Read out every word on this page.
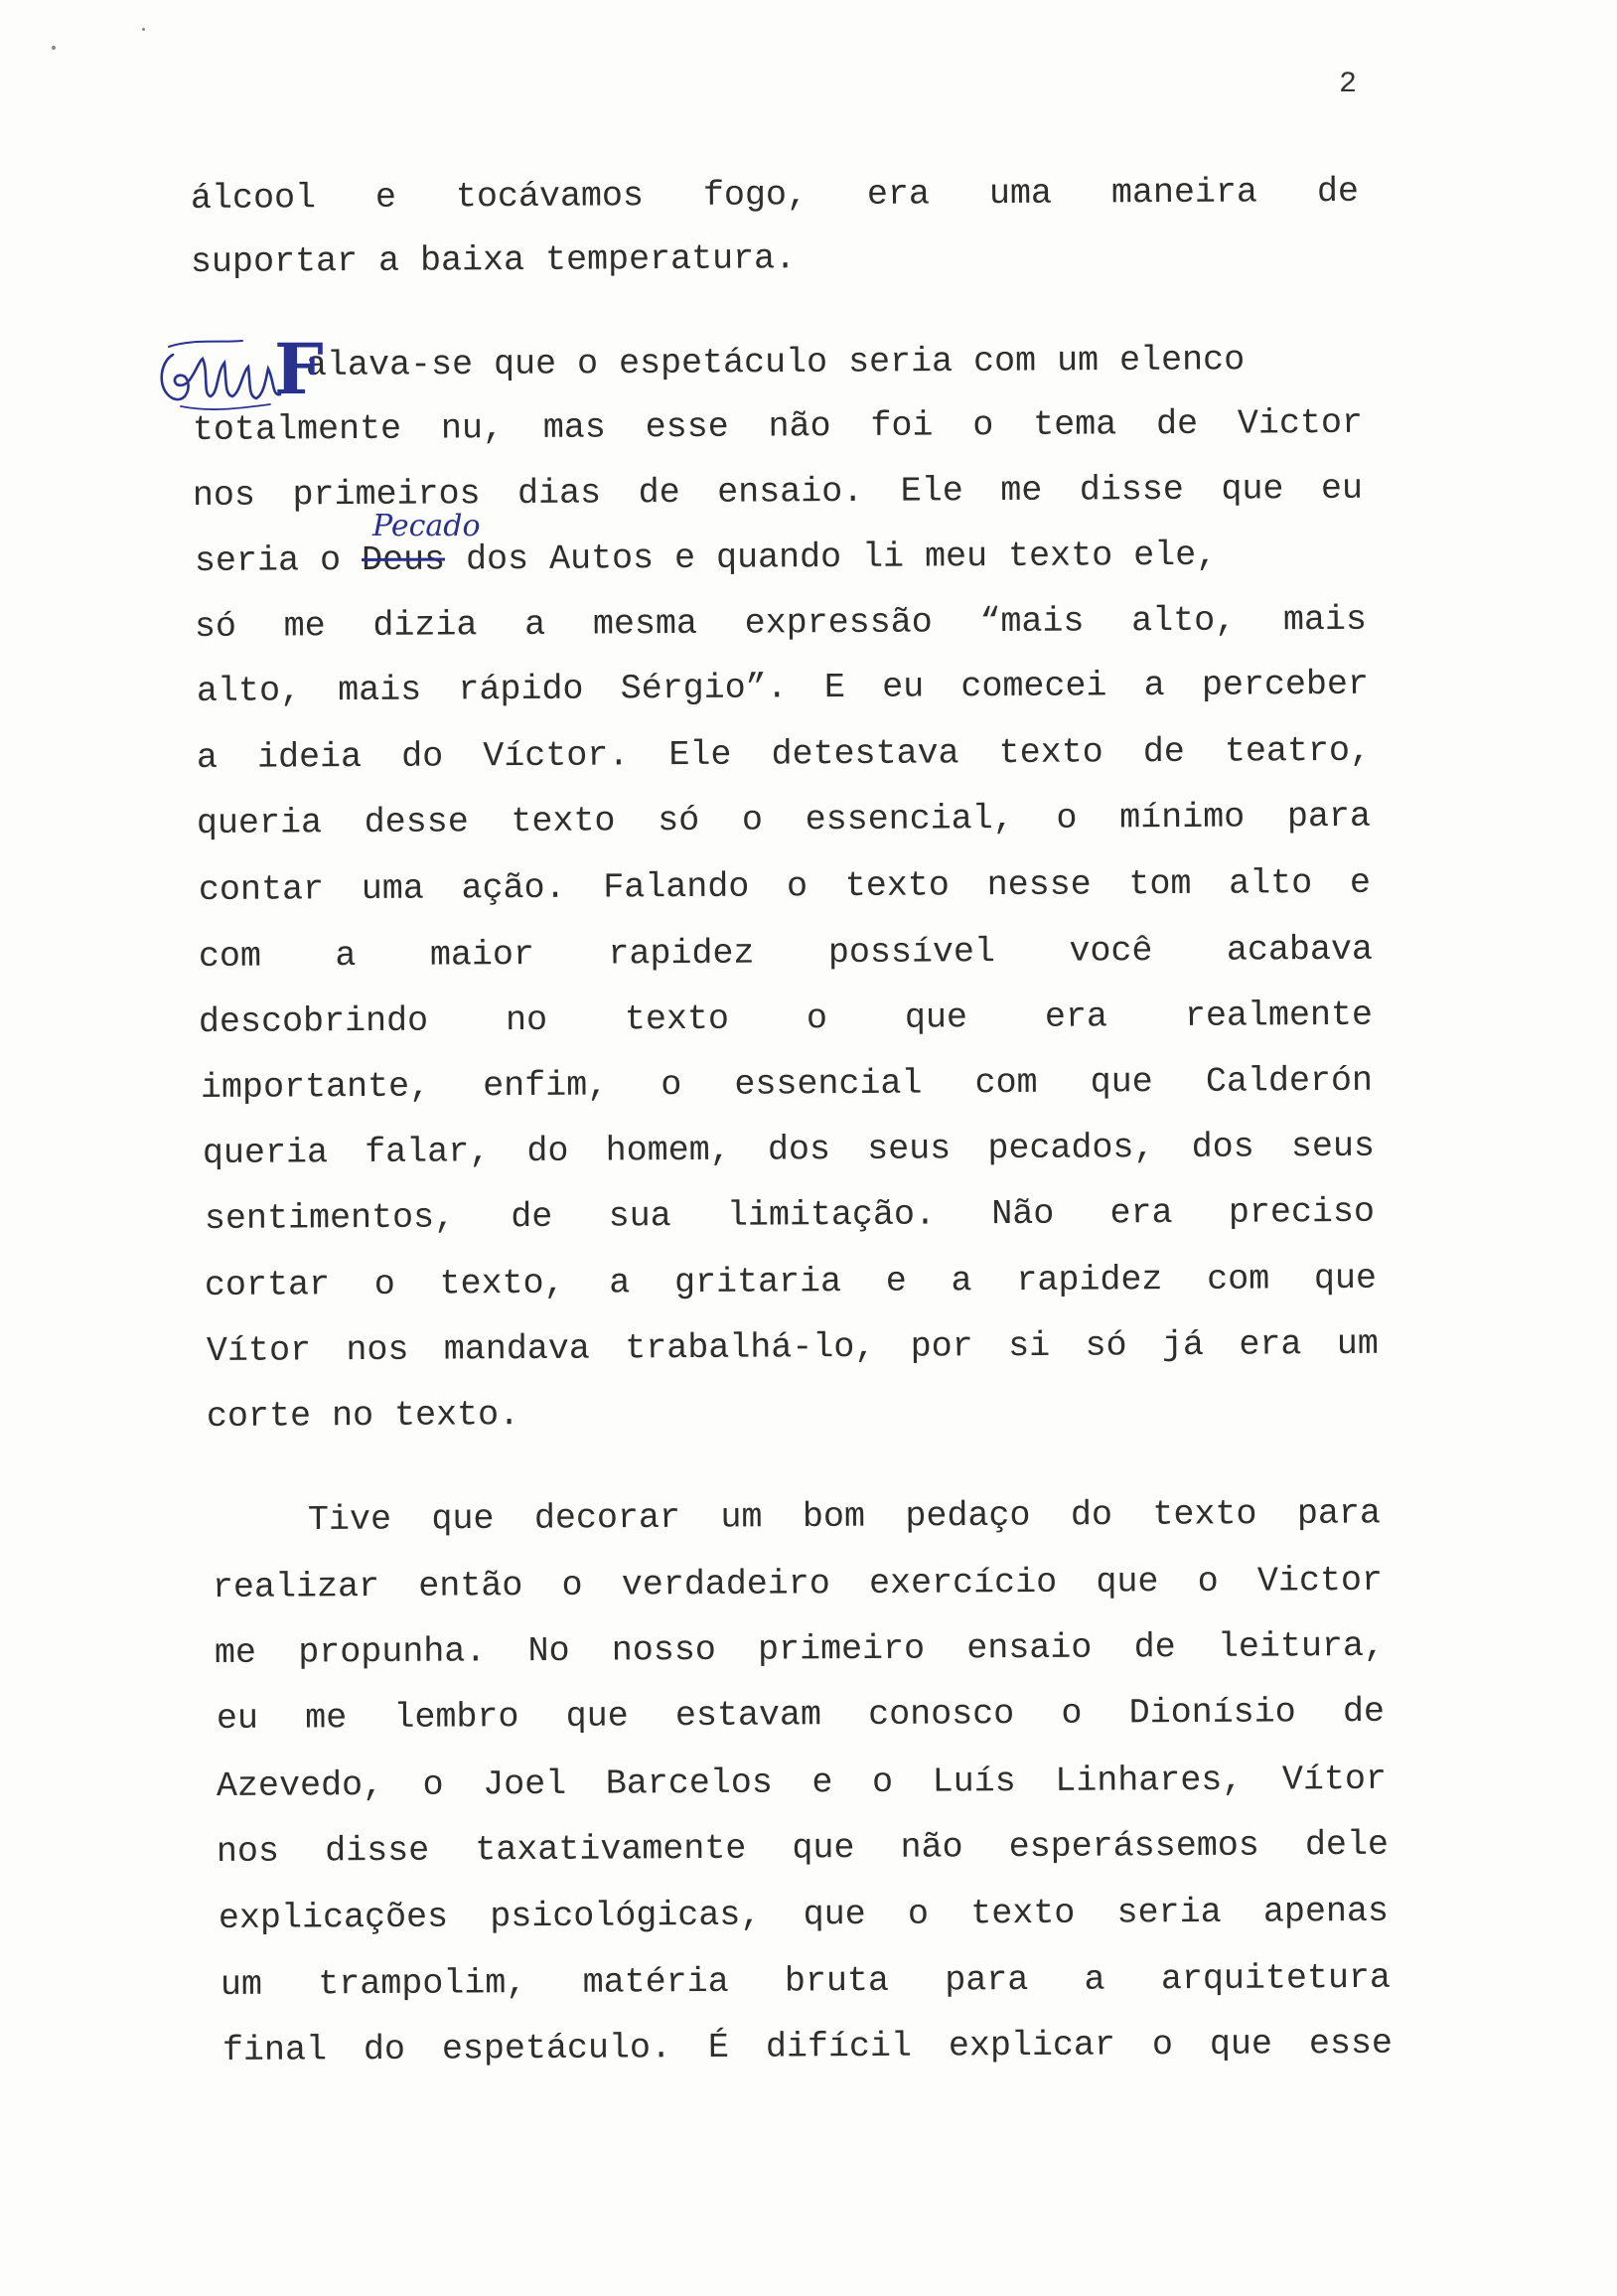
2
álcool e tocávamos fogo, era uma maneira de
suportar a baixa temperatura.
alava-se que o espetáculo seria com um elenco
totalmente nu, mas esse não foi o tema de Victor
nos primeiros dias de ensaio. Ele me disse que eu
seria o Deus dos Autos e quando li meu texto ele,
só me dizia a mesma expressão “mais alto, mais
alto, mais rápido Sérgio”. E eu comecei a perceber
a ideia do Víctor. Ele detestava texto de teatro,
queria desse texto só o essencial, o mínimo para
contar uma ação. Falando o texto nesse tom alto e
com a maior rapidez possível você acabava
descobrindo no texto o que era realmente
importante, enfim, o essencial com que Calderón
queria falar, do homem, dos seus pecados, dos seus
sentimentos, de sua limitação. Não era preciso
cortar o texto, a gritaria e a rapidez com que
Vítor nos mandava trabalhá-lo, por si só já era um
corte no texto.
Tive que decorar um bom pedaço do texto para
realizar então o verdadeiro exercício que o Victor
me propunha. No nosso primeiro ensaio de leitura,
eu me lembro que estavam conosco o Dionísio de
Azevedo, o Joel Barcelos e o Luís Linhares, Vítor
nos disse taxativamente que não esperássemos dele
explicações psicológicas, que o texto seria apenas
um trampolim, matéria bruta para a arquitetura
final do espetáculo. É difícil explicar o que esse
F
Pecado
